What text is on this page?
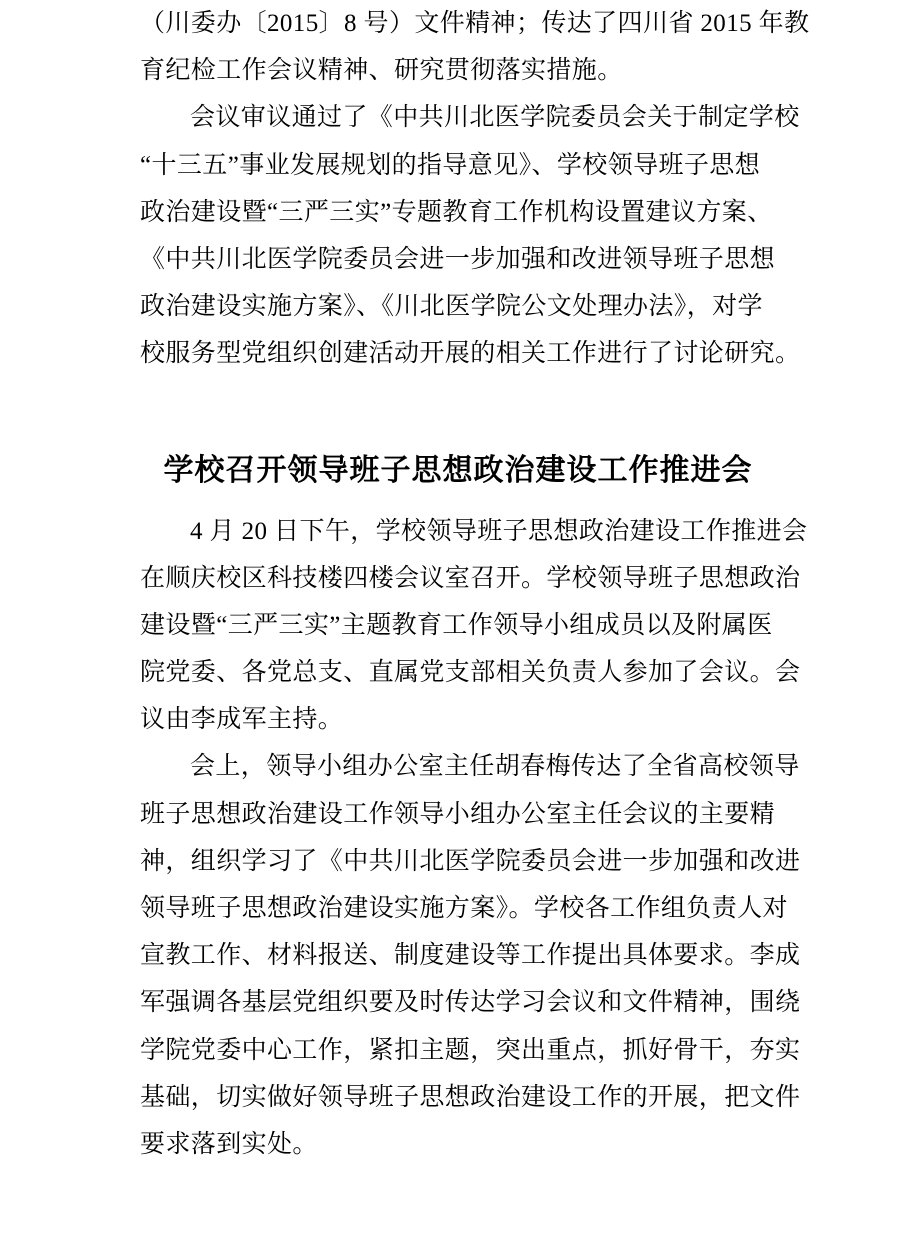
（川委办〔2015〕8 号）文件精神；传达了四川省 2015 年教
育纪检工作会议精神、研究贯彻落实措施。
会议审议通过了《中共川北医学院委员会关于制定学校
“十三五”事业发展规划的指导意见》、学校领导班子思想
政治建设暨“三严三实”专题教育工作机构设置建议方案、
《中共川北医学院委员会进一步加强和改进领导班子思想
政治建设实施方案》、《川北医学院公文处理办法》，对学
校服务型党组织创建活动开展的相关工作进行了讨论研究。
学校召开领导班子思想政治建设工作推进会
4 月 20 日下午，学校领导班子思想政治建设工作推进会
在顺庆校区科技楼四楼会议室召开。学校领导班子思想政治
建设暨“三严三实”主题教育工作领导小组成员以及附属医
院党委、各党总支、直属党支部相关负责人参加了会议。会
议由李成军主持。
会上，领导小组办公室主任胡春梅传达了全省高校领导
班子思想政治建设工作领导小组办公室主任会议的主要精
神，组织学习了《中共川北医学院委员会进一步加强和改进
领导班子思想政治建设实施方案》。学校各工作组负责人对
宣教工作、材料报送、制度建设等工作提出具体要求。李成
军强调各基层党组织要及时传达学习会议和文件精神，围绕
学院党委中心工作，紧扣主题，突出重点，抓好骨干，夯实
基础，切实做好领导班子思想政治建设工作的开展，把文件
要求落到实处。
